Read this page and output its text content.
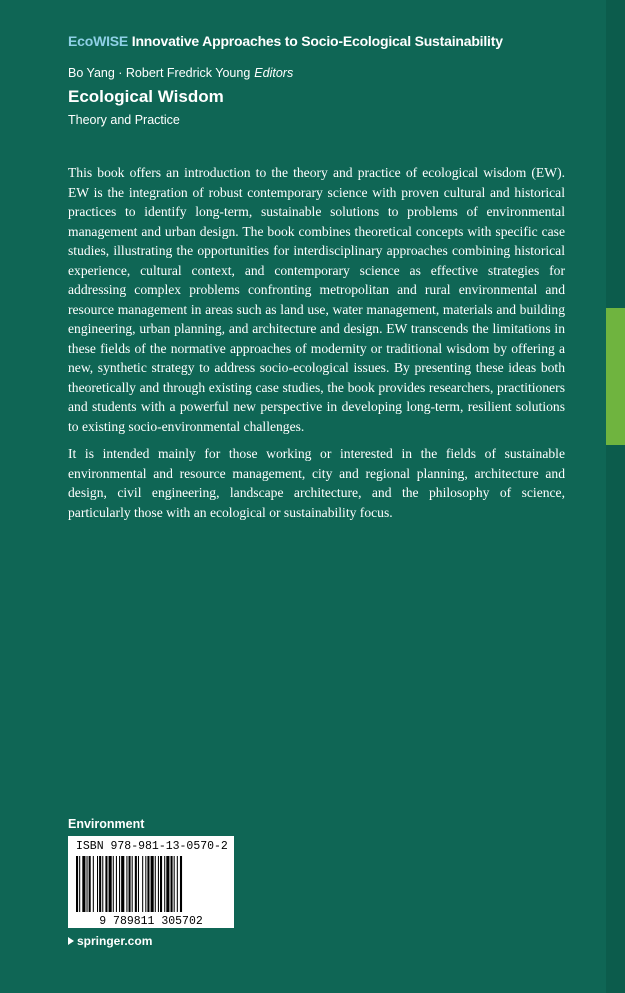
EcoWISE Innovative Approaches to Socio-Ecological Sustainability
Bo Yang · Robert Fredrick Young Editors
Ecological Wisdom
Theory and Practice

This book offers an introduction to the theory and practice of ecological wisdom (EW). EW is the integration of robust contemporary science with proven cultural and historical practices to identify long-term, sustainable solutions to problems of environmental management and urban design. The book combines theoretical concepts with specific case studies, illustrating the opportunities for interdisciplinary approaches combining historical experience, cultural context, and contemporary science as effective strategies for addressing complex problems confronting metropolitan and rural environmental and resource management in areas such as land use, water management, materials and building engineering, urban planning, and architecture and design. EW transcends the limitations in these fields of the normative approaches of modernity or traditional wisdom by offering a new, synthetic strategy to address socio-ecological issues. By presenting these ideas both theoretically and through existing case studies, the book provides researchers, practitioners and students with a powerful new perspective in developing long-term, resilient solutions to existing socio-environmental challenges.

It is intended mainly for those working or interested in the fields of sustainable environmental and resource management, city and regional planning, architecture and design, civil engineering, landscape architecture, and the philosophy of science, particularly those with an ecological or sustainability focus.

Environment
ISBN 978-981-13-0570-2
9 789811 305702
springer.com
